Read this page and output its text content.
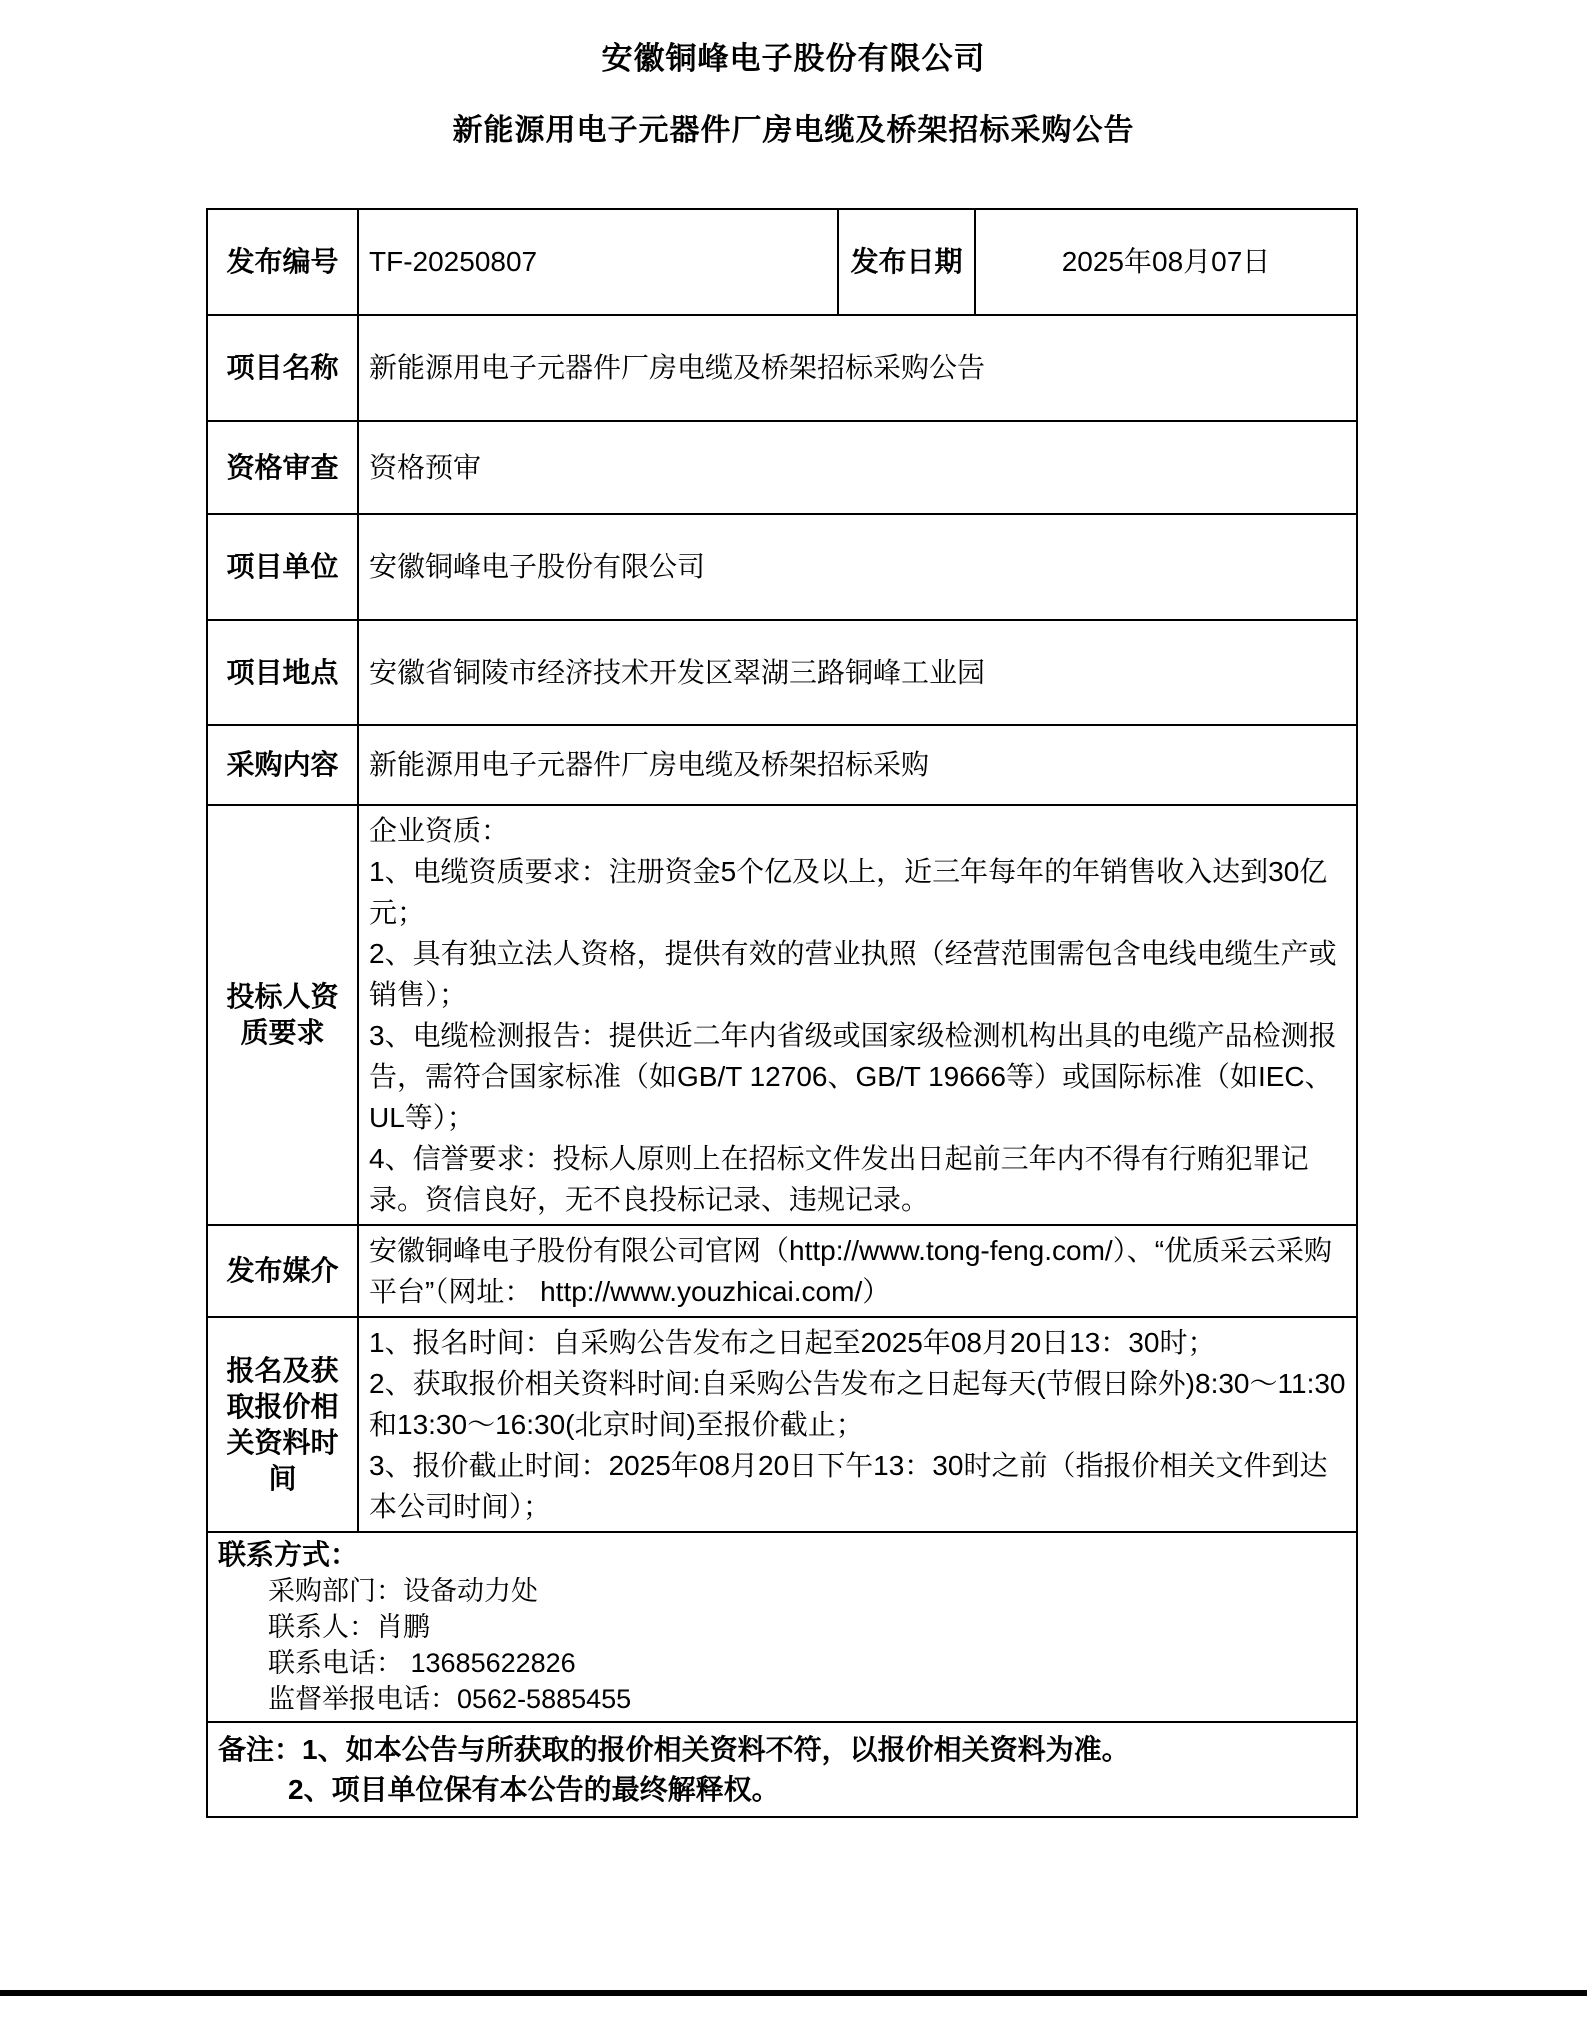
安徽铜峰电子股份有限公司
新能源用电子元器件厂房电缆及桥架招标采购公告
发布编号	TF-20250807	发布日期	2025年08月07日
项目名称	新能源用电子元器件厂房电缆及桥架招标采购公告		
资格审查	资格预审		
项目单位	安徽铜峰电子股份有限公司		
项目地点	安徽省铜陵市经济技术开发区翠湖三路铜峰工业园		
采购内容	新能源用电子元器件厂房电缆及桥架招标采购		
投标人资质要求	企业资质：
1、电缆资质要求：注册资金5个亿及以上，近三年每年的年销售收入达到30亿元；
2、具有独立法人资格，提供有效的营业执照（经营范围需包含电线电缆生产或销售）；
3、电缆检测报告：提供近二年内省级或国家级检测机构出具的电缆产品检测报告，需符合国家标准（如GB/T 12706、GB/T 19666等）或国际标准（如IEC、UL等）；
4、信誉要求：投标人原则上在招标文件发出日起前三年内不得有行贿犯罪记录。资信良好，无不良投标记录、违规记录。		

发布媒介	安徽铜峰电子股份有限公司官网（http://www.tong-feng.com/）、“优质采云采购平台”（网址： http://www.youzhicai.com/）		
报名及获取报价相关资料时间	1、报名时间：自采购公告发布之日起至2025年08月20日13：30时；
2、获取报价相关资料时间:自采购公告发布之日起每天(节假日除外)8:30～11:30和13:30～16:30(北京时间)至报价截止；
3、报价截止时间：2025年08月20日下午13：30时之前（指报价相关文件到达本公司时间）；		

联系方式：
采购部门：设备动力处
联系人：肖鹏
联系电话： 13685622826
监督举报电话：0562-5885455			

备注：1、如本公告与所获取的报价相关资料不符，以报价相关资料为准。
2、项目单位保有本公告的最终解释权。			
